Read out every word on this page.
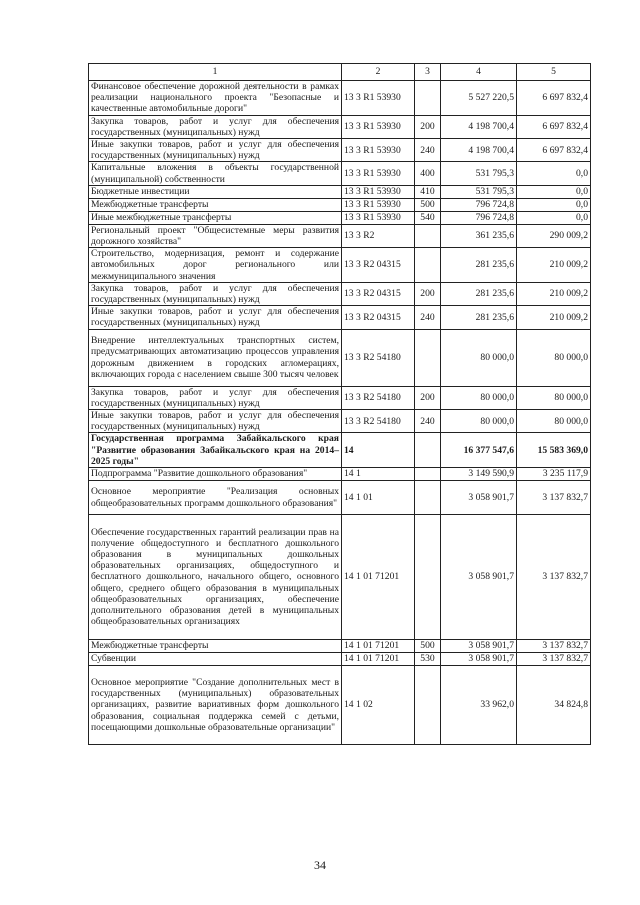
1	2	3	4	5
Финансовое обеспечение дорожной деятельности в рамках реализации национального проекта "Безопасные и качественные автомобильные дороги"	13 3 R1 53930		5 527 220,5	6 697 832,4
Закупка товаров, работ и услуг для обеспечения государственных (муниципальных) нужд	13 3 R1 53930	200	4 198 700,4	6 697 832,4
Иные закупки товаров, работ и услуг для обеспечения государственных (муниципальных) нужд	13 3 R1 53930	240	4 198 700,4	6 697 832,4
Капитальные вложения в объекты государственной (муниципальной) собственности	13 3 R1 53930	400	531 795,3	0,0
Бюджетные инвестиции	13 3 R1 53930	410	531 795,3	0,0
Межбюджетные трансферты	13 3 R1 53930	500	796 724,8	0,0
Иные межбюджетные трансферты	13 3 R1 53930	540	796 724,8	0,0
Региональный проект "Общесистемные меры развития дорожного хозяйства"	13 3 R2		361 235,6	290 009,2
Строительство, модернизация, ремонт и содержание автомобильных дорог регионального или межмуниципального значения	13 3 R2 04315		281 235,6	210 009,2
Закупка товаров, работ и услуг для обеспечения государственных (муниципальных) нужд	13 3 R2 04315	200	281 235,6	210 009,2
Иные закупки товаров, работ и услуг для обеспечения государственных (муниципальных) нужд	13 3 R2 04315	240	281 235,6	210 009,2
Внедрение интеллектуальных транспортных систем, предусматривающих автоматизацию процессов управления дорожным движением в городских агломерациях, включающих города с населением свыше 300 тысяч человек	13 3 R2 54180		80 000,0	80 000,0
Закупка товаров, работ и услуг для обеспечения государственных (муниципальных) нужд	13 3 R2 54180	200	80 000,0	80 000,0
Иные закупки товаров, работ и услуг для обеспечения государственных (муниципальных) нужд	13 3 R2 54180	240	80 000,0	80 000,0
Государственная программа Забайкальского края "Развитие образования Забайкальского края на 2014–2025 годы"	14		16 377 547,6	15 583 369,0
Подпрограмма "Развитие дошкольного образования"	14 1		3 149 590,9	3 235 117,9
Основное мероприятие "Реализация основных общеобразовательных программ дошкольного образования"	14 1 01		3 058 901,7	3 137 832,7
Обеспечение государственных гарантий реализации прав на получение общедоступного и бесплатного дошкольного образования в муниципальных дошкольных образовательных организациях, общедоступного и бесплатного дошкольного, начального общего, основного общего, среднего общего образования в муниципальных общеобразовательных организациях, обеспечение дополнительного образования детей в муниципальных общеобразовательных организациях	14 1 01 71201		3 058 901,7	3 137 832,7
Межбюджетные трансферты	14 1 01 71201	500	3 058 901,7	3 137 832,7
Субвенции	14 1 01 71201	530	3 058 901,7	3 137 832,7
Основное мероприятие "Создание дополнительных мест в государственных (муниципальных) образовательных организациях, развитие вариативных форм дошкольного образования, социальная поддержка семей с детьми, посещающими дошкольные образовательные организации"	14 1 02		33 962,0	34 824,8
34
